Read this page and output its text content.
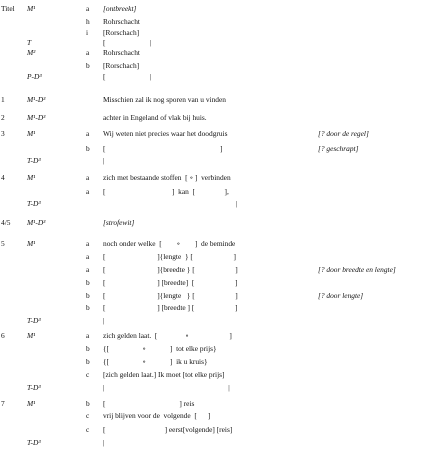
Titel M¹	a [ontbreekt]
h Rohrschacht
i [Rorschach]
T	[                        |
M²	a Rohrschacht
b [Rorschach]
P-D³	[                        |
1	M¹-D³	Misschien zal ik nog sporen van u vinden
2	M¹-D³	achter in Engeland of vlak bij huis.
3	M¹	a Wij weten niet precies waar het doodgruis	[? door de regel]
b [                                                              ]	[? geschrapt]
T-D³	|
4	M¹	a zich met bestaande stoffen  [ ∘ ]  verbinden
a [                                    ]  kan  [                ],
T-D³	|
4/5 M¹-D³	[strofewit]
5	M¹	a noch onder welke  [        ∘        ]  de beminde
a [                            ]{lengte  } [                      ]
a [                            ]{breedte } [                      ]	[? door breedte en lengte]
b [                            ] [breedte]  [                      ]
b [                            ]{lengte   } [                      ]	[? door lengte]
b [                            ] [breedte ] [                      ]
T-D³	|
6	M¹	a zich gelden laat.  [               ∘                      ]
b {[                  ∘             ]  tot elke prijs}
b {[                  ∘             ]  ik u kruis}
c [zich gelden laat.] Ik moet [tot elke prijs]
T-D³	|                                                                   |
7	M¹	b [                                        ] reis
c vrij blijven voor de  volgende  [      ]
c [                                ] eerst[volgende] [reis]
T-D³	|
